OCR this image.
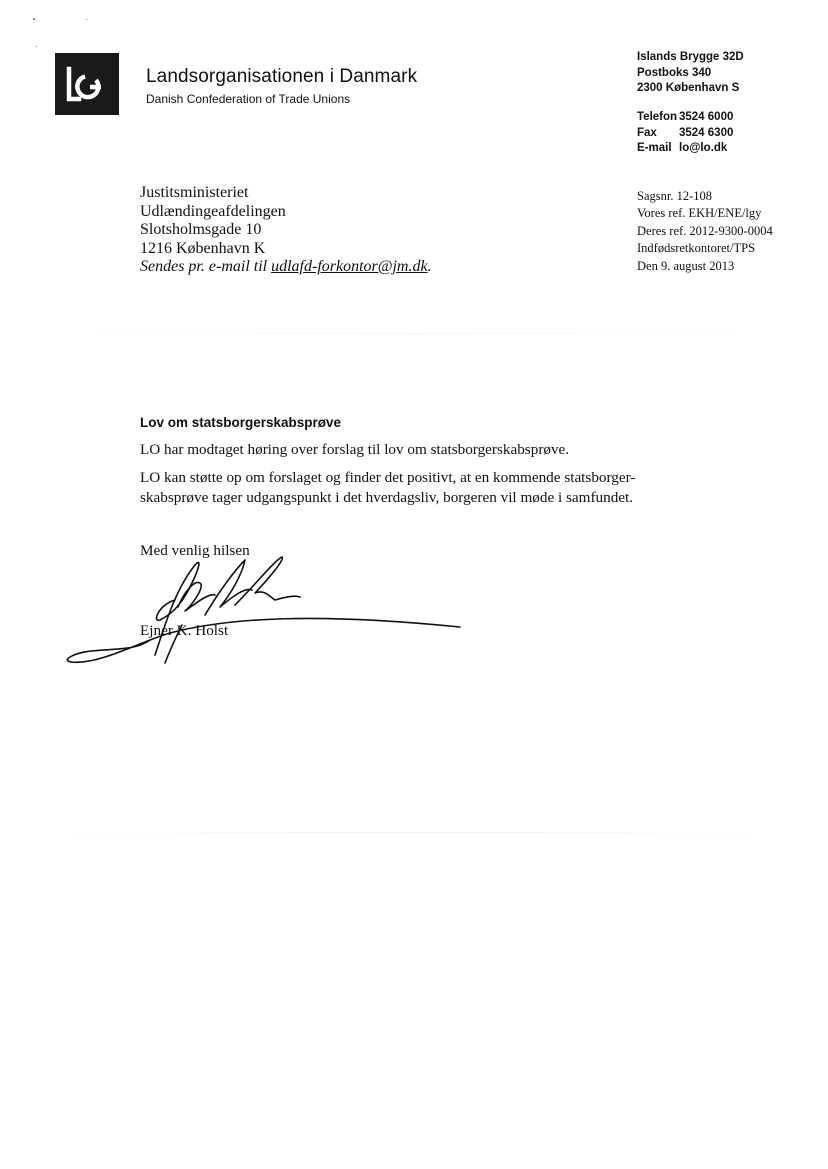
Landsorganisationen i Danmark
Danish Confederation of Trade Unions
Islands Brygge 32D
Postboks 340
2300 København S
Telefon 3524 6000
Fax 3524 6300
E-mail lo@lo.dk
Justitsministeriet
Udlændingeafdelingen
Slotsholmsgade 10
1216 København K
Sendes pr. e-mail til udlafd-forkontor@jm.dk.
Sagsnr. 12-108
Vores ref. EKH/ENE/lgy
Deres ref. 2012-9300-0004
Indfødsretkontoret/TPS
Den 9. august 2013
Lov om statsborgerskabsprøve
LO har modtaget høring over forslag til lov om statsborgerskabsprøve.
LO kan støtte op om forslaget og finder det positivt, at en kommende statsborger-
skabsprøve tager udgangspunkt i det hverdagsliv, borgeren vil møde i samfundet.
Med venlig hilsen
Ejner K. Holst
